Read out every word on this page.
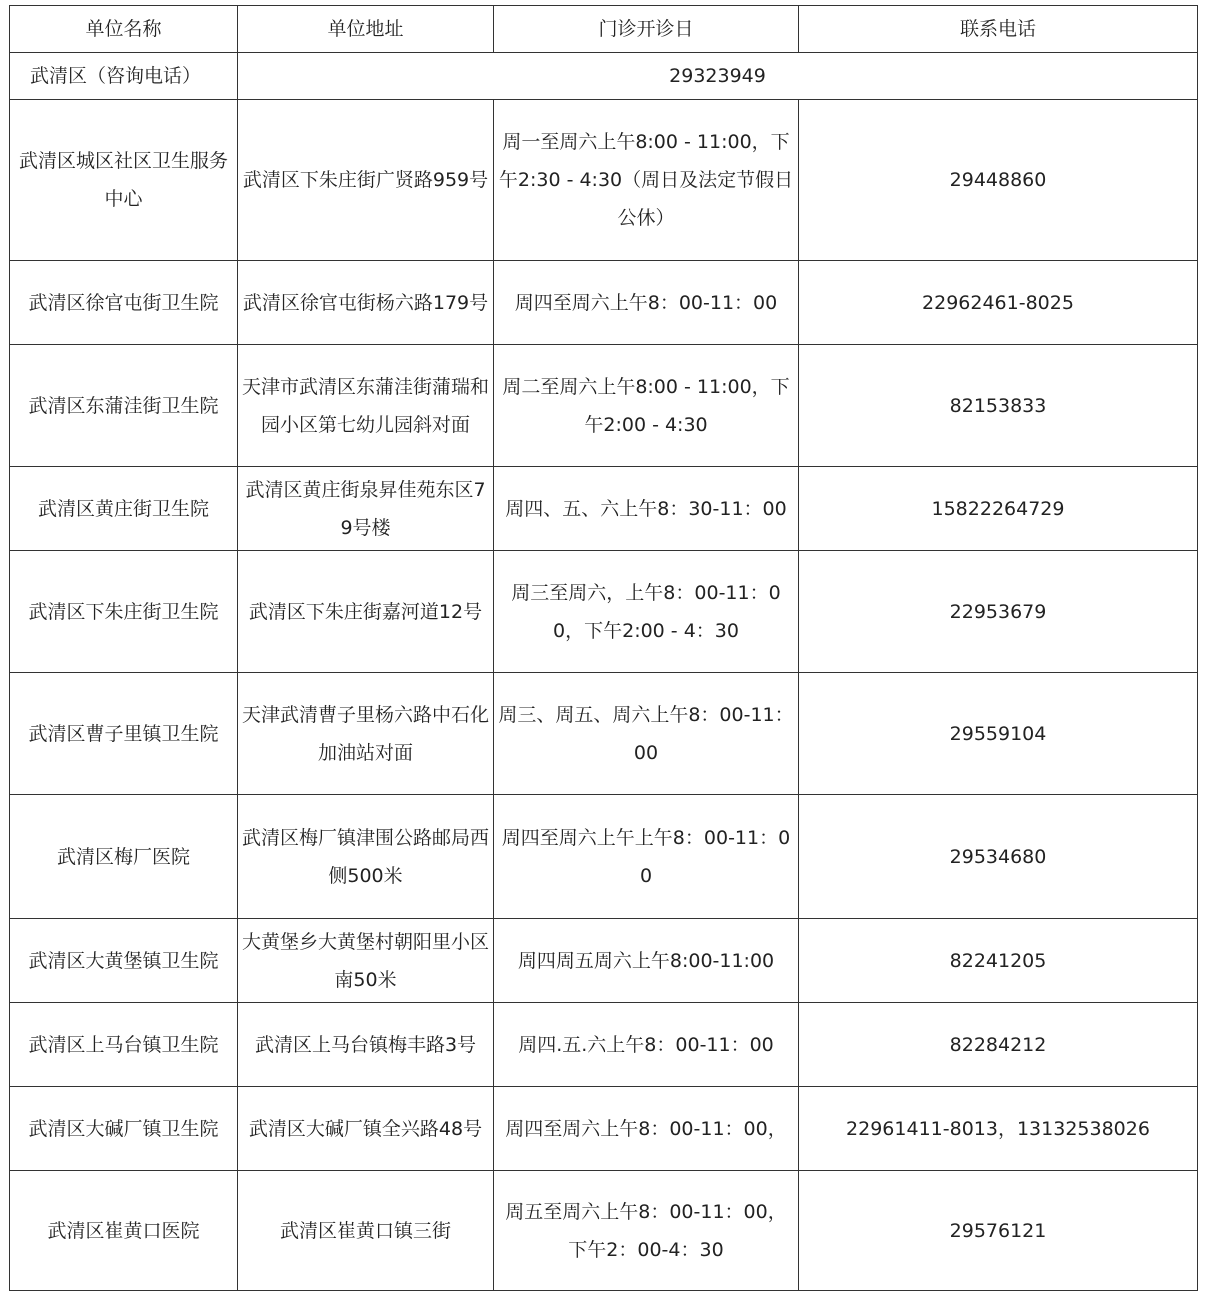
单位名称	单位地址	门诊开诊日	联系电话
武清区（咨询电话）	29323949		
武清区城区社区卫生服务中心	武清区下朱庄街广贤路959号	周一至周六上午8:00 - 11:00，下午2:30 - 4:30（周日及法定节假日公休）	29448860
武清区徐官屯街卫生院	武清区徐官屯街杨六路179号	周四至周六上午8：00-11：00	22962461-8025
武清区东蒲洼街卫生院	天津市武清区东蒲洼街蒲瑞和园小区第七幼儿园斜对面	周二至周六上午8:00 - 11:00，下午2:00 - 4:30	82153833
武清区黄庄街卫生院	武清区黄庄街泉昇佳苑东区79号楼	周四、五、六上午8：30-11：00	15822264729
武清区下朱庄街卫生院	武清区下朱庄街嘉河道12号	周三至周六，上午8：00-11：00，下午2:00 - 4：30	22953679
武清区曹子里镇卫生院	天津武清曹子里杨六路中石化加油站对面	周三、周五、周六上午8：00-11：00	29559104
武清区梅厂医院	武清区梅厂镇津围公路邮局西侧500米	周四至周六上午上午8：00-11：00	29534680
武清区大黄堡镇卫生院	大黄堡乡大黄堡村朝阳里小区南50米	周四周五周六上午8:00-11:00	82241205
武清区上马台镇卫生院	武清区上马台镇梅丰路3号	周四.五.六上午8：00-11：00	82284212
武清区大碱厂镇卫生院	武清区大碱厂镇全兴路48号	周四至周六上午8：00-11：00，	22961411-8013，13132538026
武清区崔黄口医院	武清区崔黄口镇三街	周五至周六上午8：00-11：00，下午2：00-4：30	29576121
